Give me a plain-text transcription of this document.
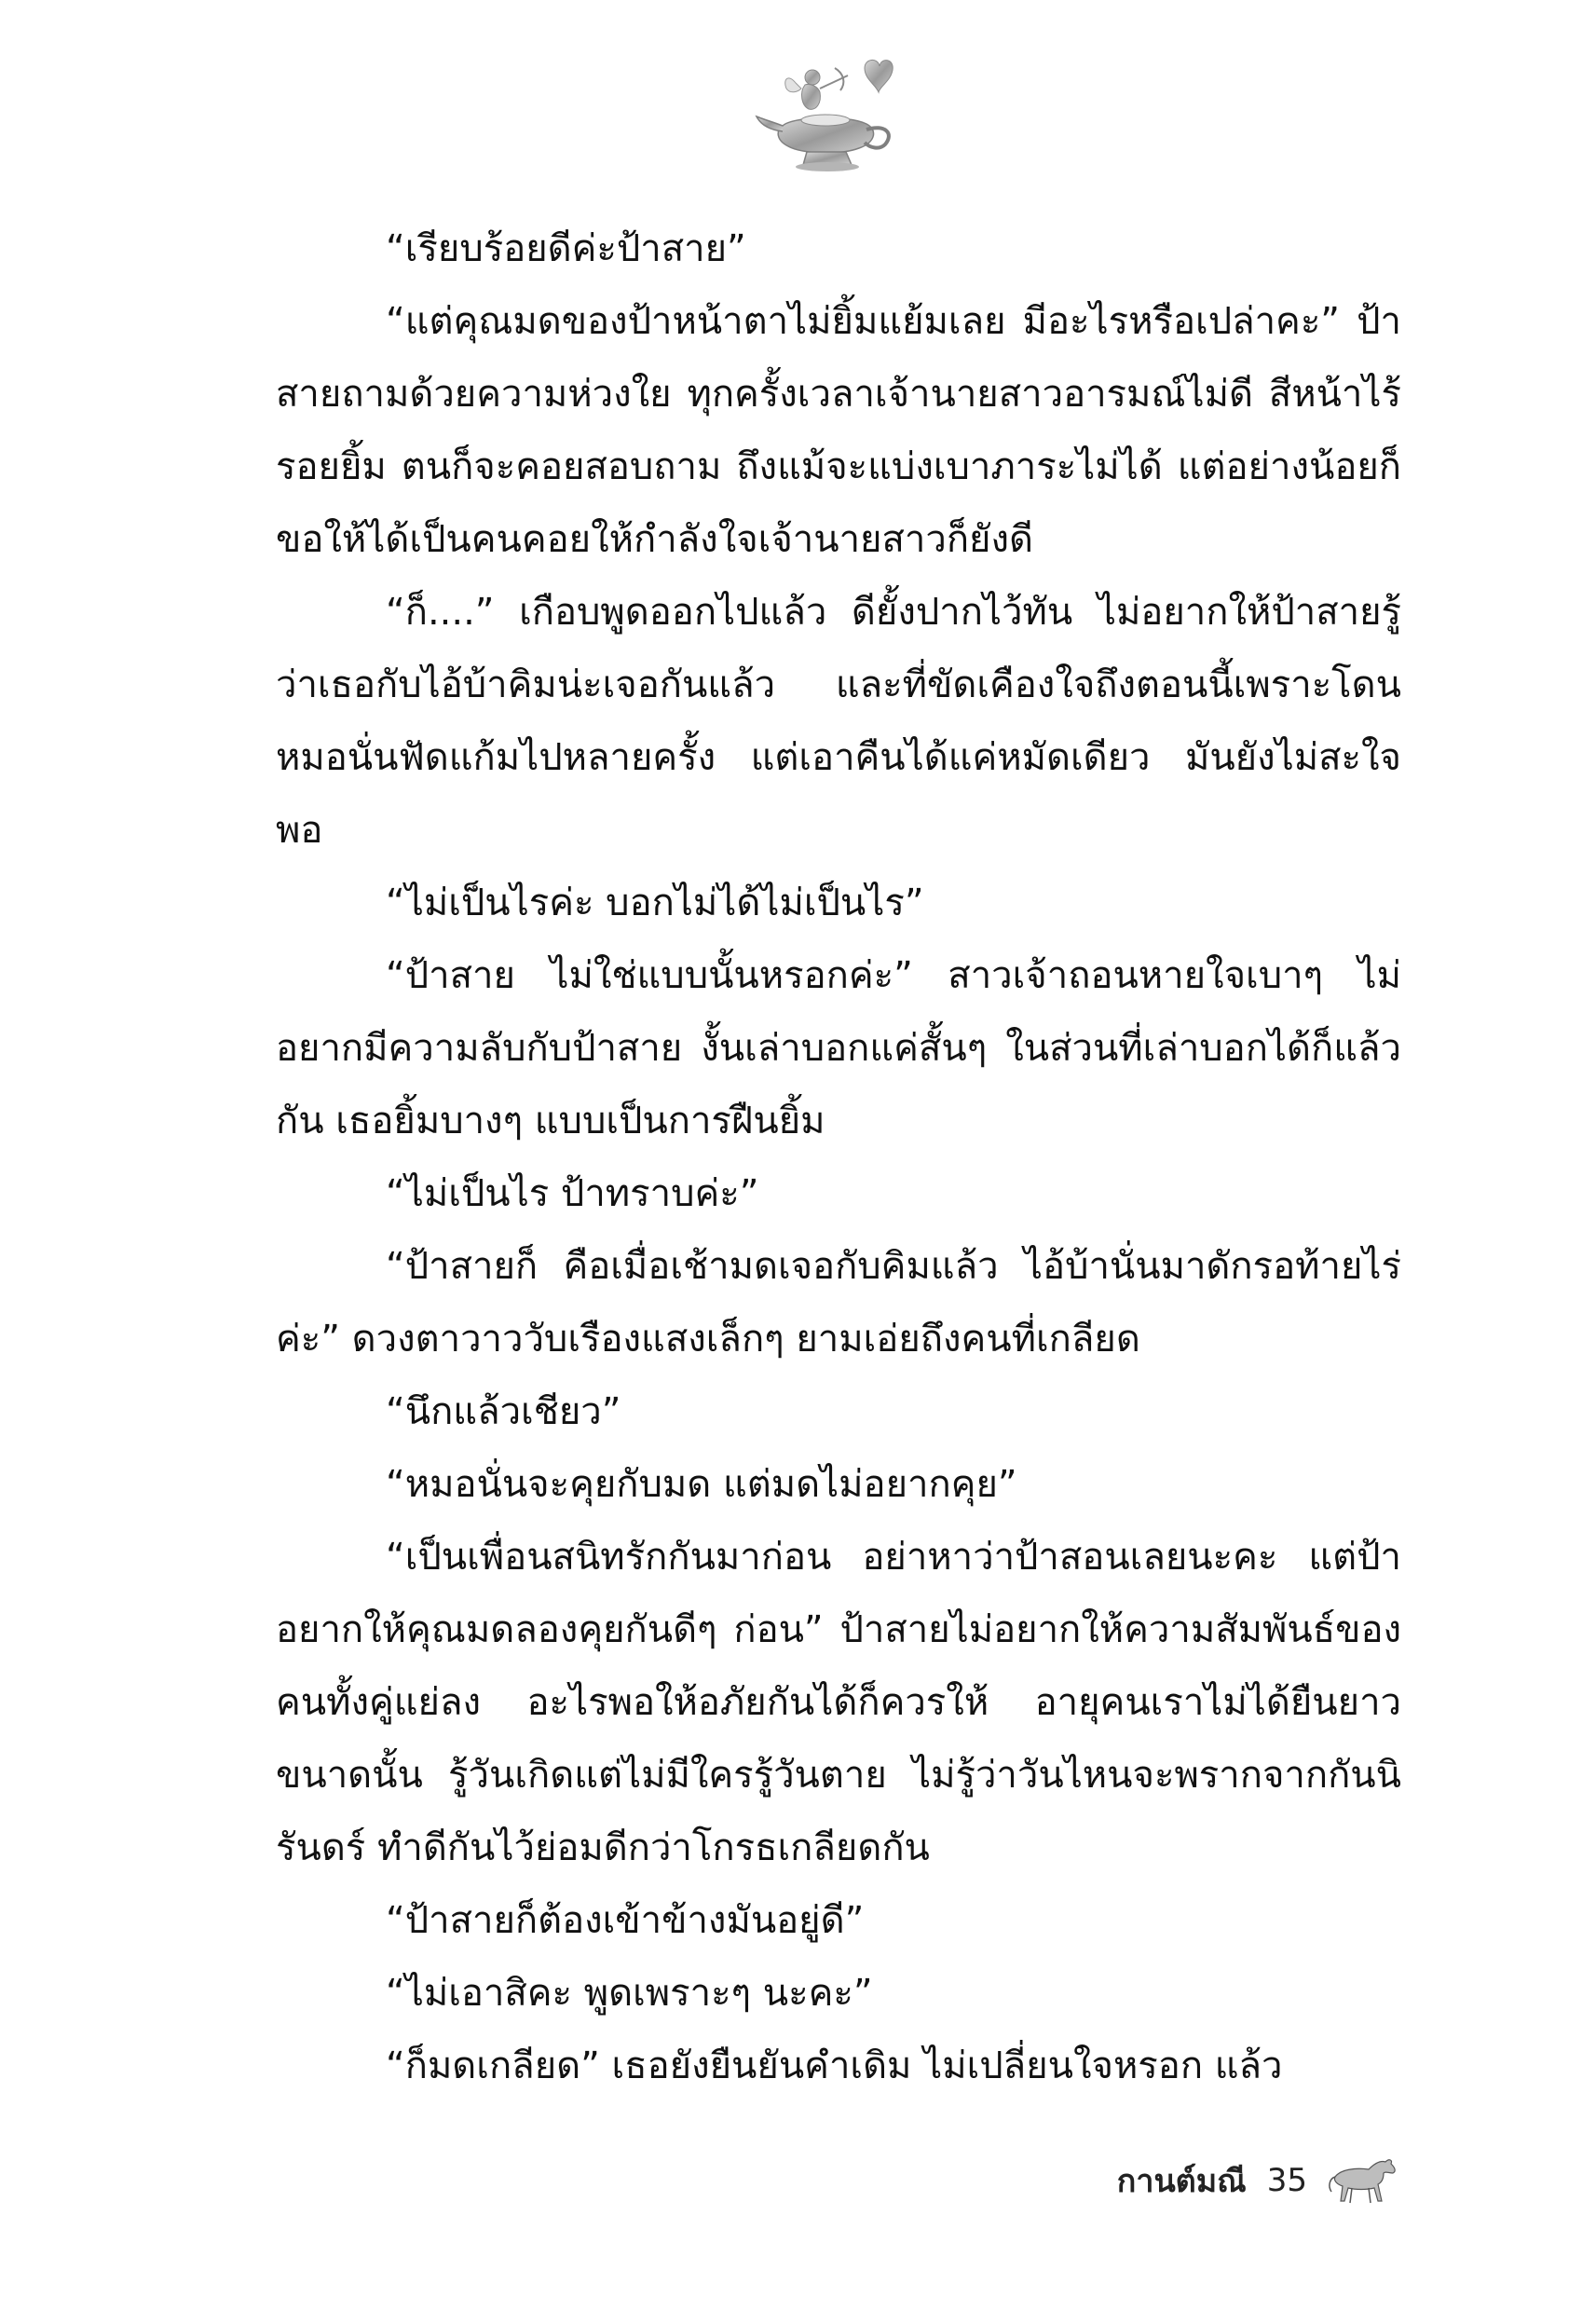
“เรียบร้อยดีค่ะป้าสาย”

“แต่คุณมดของป้าหน้าตาไม่ยิ้มแย้มเลย มีอะไรหรือเปล่าคะ” ป้าสายถามด้วยความห่วงใย ทุกครั้งเวลาเจ้านายสาวอารมณ์ไม่ดี สีหน้าไร้รอยยิ้ม ตนก็จะคอยสอบถาม ถึงแม้จะแบ่งเบาภาระไม่ได้ แต่อย่างน้อยก็ขอให้ได้เป็นคนคอยให้กำลังใจเจ้านายสาวก็ยังดี

“ก็....” เกือบพูดออกไปแล้ว ดียั้งปากไว้ทัน ไม่อยากให้ป้าสายรู้ว่าเธอกับไอ้บ้าคิมน่ะเจอกันแล้ว และที่ขัดเคืองใจถึงตอนนี้เพราะโดนหมอนั่นฟัดแก้มไปหลายครั้ง แต่เอาคืนได้แค่หมัดเดียว มันยังไม่สะใจพอ

“ไม่เป็นไรค่ะ บอกไม่ได้ไม่เป็นไร”

“ป้าสาย ไม่ใช่แบบนั้นหรอกค่ะ” สาวเจ้าถอนหายใจเบาๆ ไม่อยากมีความลับกับป้าสาย งั้นเล่าบอกแค่สั้นๆ ในส่วนที่เล่าบอกได้ก็แล้วกัน เธอยิ้มบางๆ แบบเป็นการฝืนยิ้ม

“ไม่เป็นไร ป้าทราบค่ะ”

“ป้าสายก็ คือเมื่อเช้ามดเจอกับคิมแล้ว ไอ้บ้านั่นมาดักรอท้ายไร่ค่ะ” ดวงตาวาววับเรืองแสงเล็กๆ ยามเอ่ยถึงคนที่เกลียด

“นึกแล้วเชียว”

“หมอนั่นจะคุยกับมด แต่มดไม่อยากคุย”

“เป็นเพื่อนสนิทรักกันมาก่อน อย่าหาว่าป้าสอนเลยนะคะ แต่ป้าอยากให้คุณมดลองคุยกันดีๆ ก่อน” ป้าสายไม่อยากให้ความสัมพันธ์ของคนทั้งคู่แย่ลง อะไรพอให้อภัยกันได้ก็ควรให้ อายุคนเราไม่ได้ยืนยาวขนาดนั้น รู้วันเกิดแต่ไม่มีใครรู้วันตาย ไม่รู้ว่าวันไหนจะพรากจากกันนิรันดร์ ทำดีกันไว้ย่อมดีกว่าโกรธเกลียดกัน

“ป้าสายก็ต้องเข้าข้างมันอยู่ดี”

“ไม่เอาสิคะ พูดเพราะๆ นะคะ”

“ก็มดเกลียด” เธอยังยืนยันคำเดิม ไม่เปลี่ยนใจหรอก แล้ว

กานต์มณี 35
